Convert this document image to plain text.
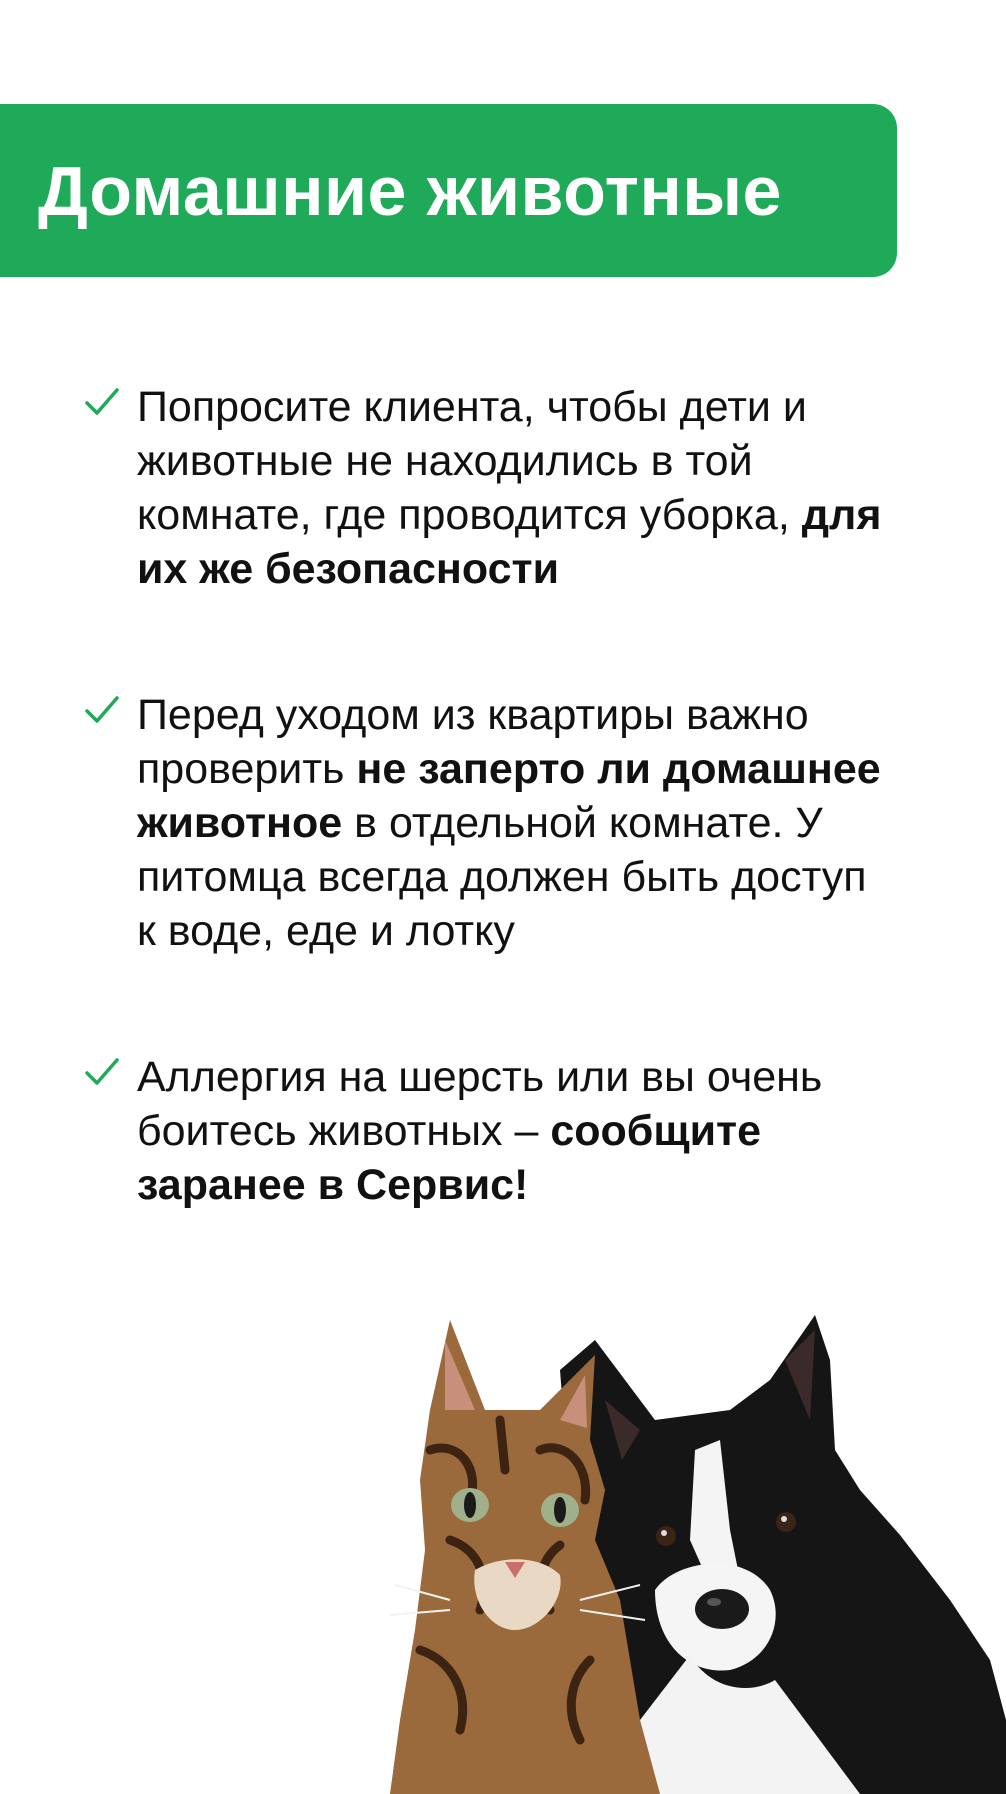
Домашние животные
Попросите клиента, чтобы дети и животные не находились в той комнате, где проводится уборка, для их же безопасности
Перед уходом из квартиры важно проверить не заперто ли домашнее животное в отдельной комнате. У питомца всегда должен быть доступ к воде, еде и лотку
Аллергия на шерсть или вы очень боитесь животных – сообщите заранее в Сервис!
